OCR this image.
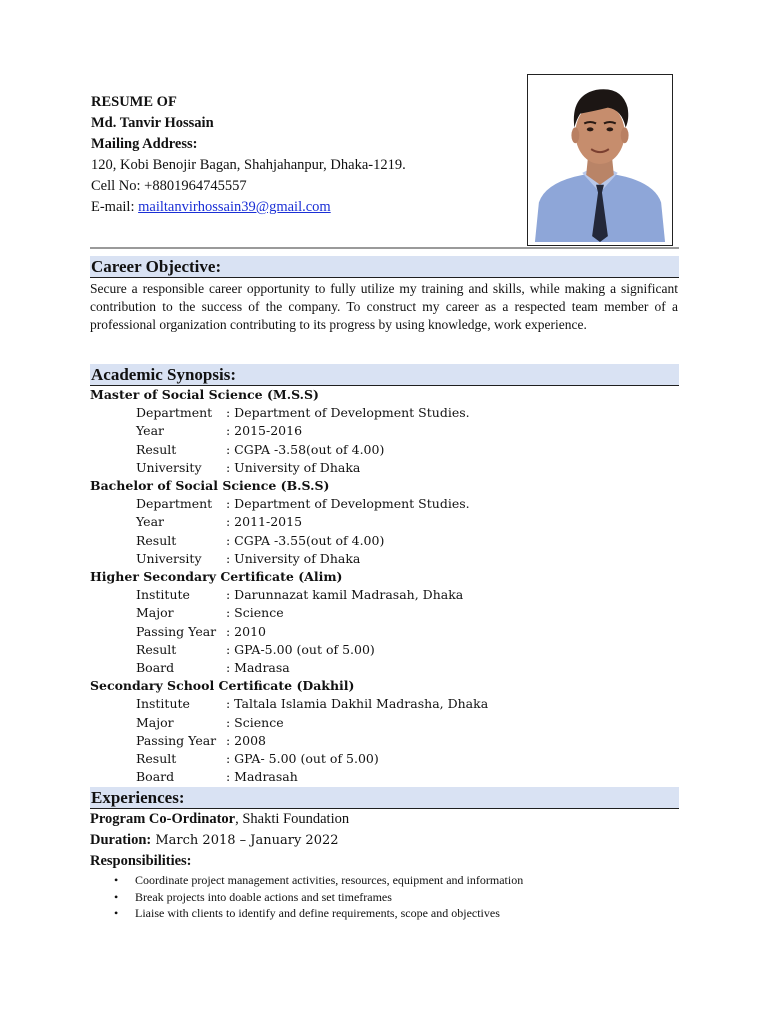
RESUME OF
Md. Tanvir Hossain
Mailing Address:
120, Kobi Benojir Bagan, Shahjahanpur, Dhaka-1219.
Cell No: +8801964745557
E-mail: mailtanvirhossain39@gmail.com
Career Objective:
Secure a responsible career opportunity to fully utilize my training and skills, while making a significant contribution to the success of the company. To construct my career as a respected team member of a professional organization contributing to its progress by using knowledge, work experience.
Academic Synopsis:
Master of Social Science (M.S.S)
Department	: Department of Development Studies.
Year	: 2015-2016
Result	: CGPA -3.58(out of 4.00)
University	: University of Dhaka
Bachelor of Social Science (B.S.S)
Department	: Department of Development Studies.
Year	: 2011-2015
Result	: CGPA -3.55(out of 4.00)
University	: University of Dhaka
Higher Secondary Certificate (Alim)
Institute	: Darunnazat kamil Madrasah, Dhaka
Major	: Science
Passing Year : 2010
Result	: GPA-5.00 (out of 5.00)
Board	: Madrasa
Secondary School Certificate (Dakhil)
Institute	: Taltala Islamia Dakhil Madrasha, Dhaka
Major	: Science
Passing Year : 2008
Result	: GPA- 5.00 (out of 5.00)
Board	: Madrasah
Experiences:
Program Co-Ordinator, Shakti Foundation
Duration: March 2018 – January 2022
Responsibilities:
• Coordinate project management activities, resources, equipment and information
• Break projects into doable actions and set timeframes
• Liaise with clients to identify and define requirements, scope and objectives
